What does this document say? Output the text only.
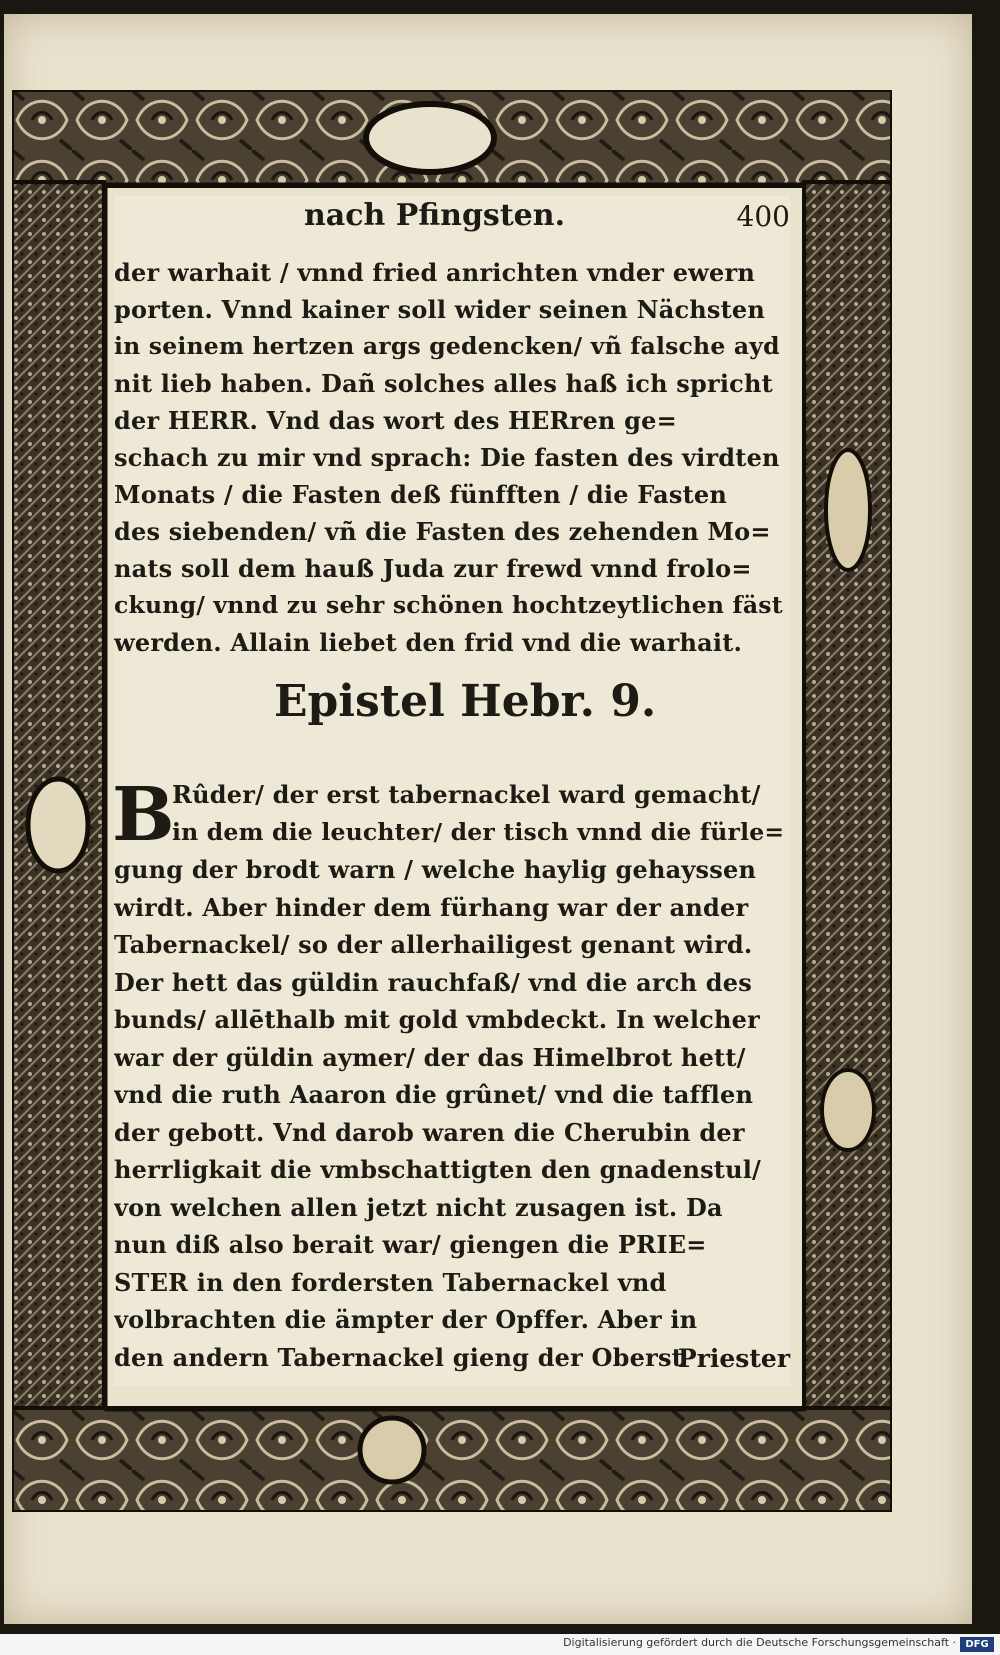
nach Pfingsten.	400
der warhait / vnnd fried anrichten vnder ewern
porten. Vnnd kainer soll wider seinen Nächsten
in seinem hertzen args gedencken/ vñ falsche ayd
nit lieb haben. Dañ solches alles haß ich spricht
der HERR. Vnd das wort des HERren ge=
schach zu mir vnd sprach: Die fasten des virdten
Monats / die Fasten deß fünfften / die Fasten
des siebenden/ vñ die Fasten des zehenden Mo=
nats soll dem hauß Juda zur frewd vnnd frolo=
ckung/ vnnd zu sehr schönen hochtzeytlichen fäst
werden. Allain liebet den frid vnd die warhait.
Epistel Hebr. 9.
B
Rûder/ der erst tabernackel ward gemacht/
in dem die leuchter/ der tisch vnnd die fürle=
gung der brodt warn / welche haylig gehayssen
wirdt. Aber hinder dem fürhang war der ander
Tabernackel/ so der allerhailigest genant wird.
Der hett das güldin rauchfaß/ vnd die arch des
bunds/ allēthalb mit gold vmbdeckt. In welcher
war der güldin aymer/ der das Himelbrot hett/
vnd die ruth Aaaron die grûnet/ vnd die tafflen
der gebott. Vnd darob waren die Cherubin der
herrligkait die vmbschattigten den gnadenstul/
von welchen allen jetzt nicht zusagen ist. Da
nun diß also berait war/ giengen die PRIE=
STER in den fordersten Tabernackel vnd
volbrachten die ämpter der Opffer. Aber in
den andern Tabernackel gieng der Oberst
Priester
Digitalisierung gefördert durch die Deutsche Forschungsgemeinschaft · DFG
